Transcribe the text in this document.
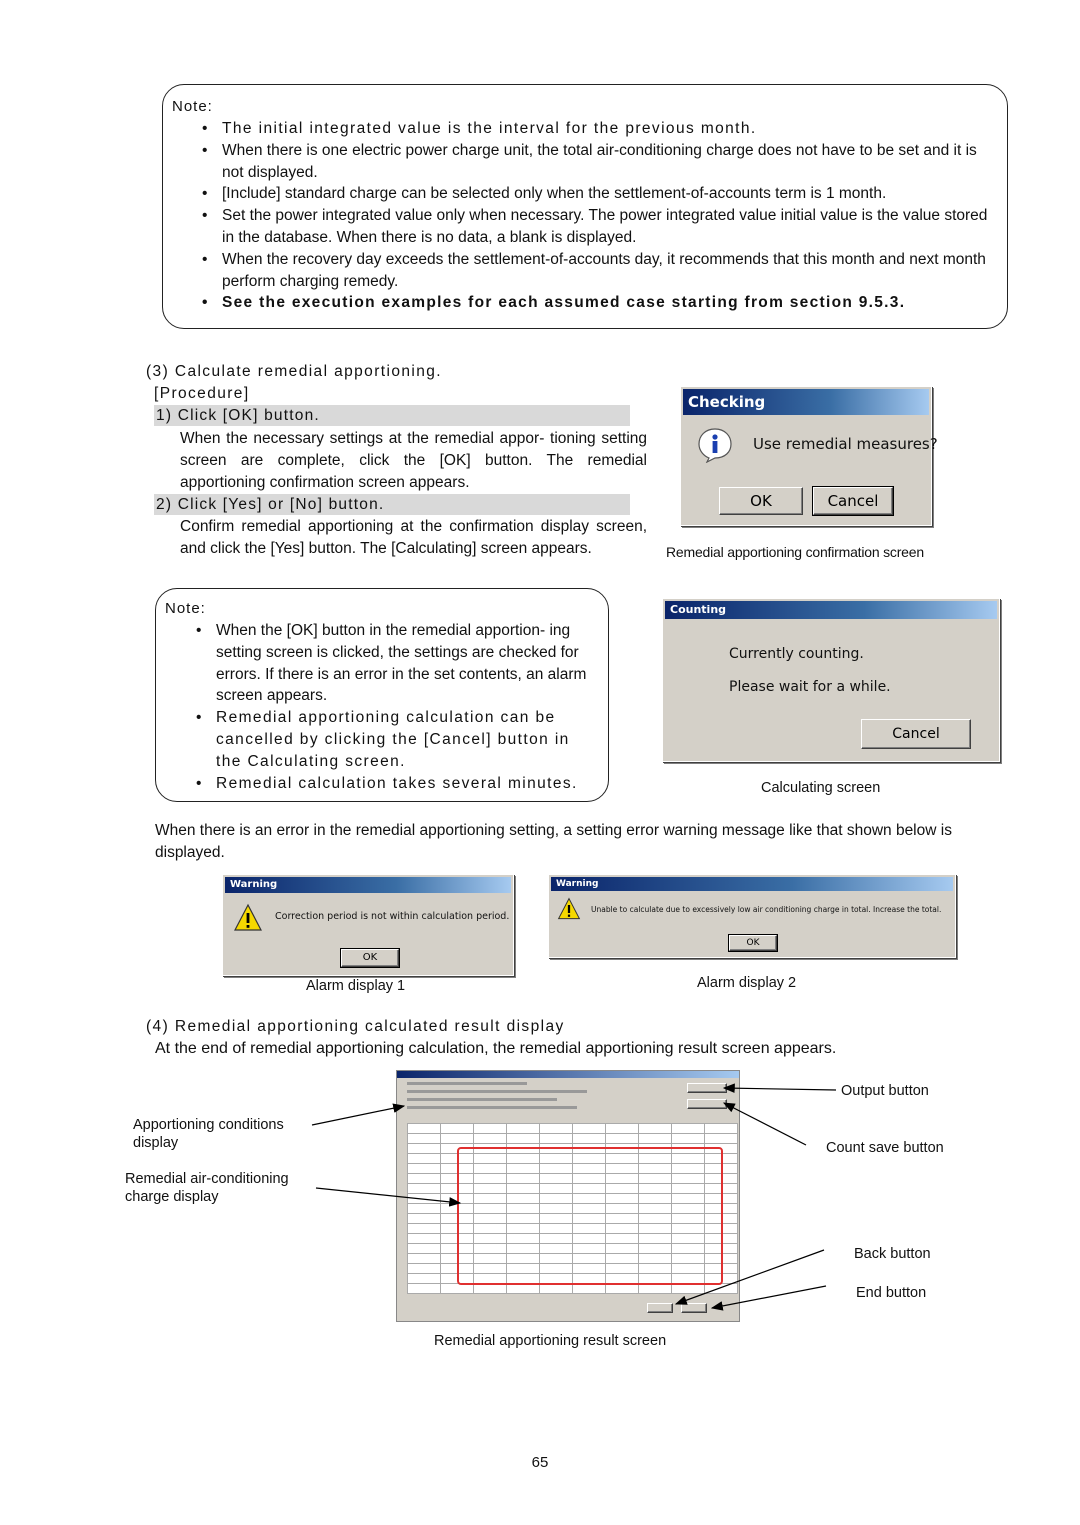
Note:
• The initial integrated value is the interval for the previous month.
• When there is one electric power charge unit, the total air-conditioning charge does not have to be set and it is not displayed.
• [Include] standard charge can be selected only when the settlement-of-accounts term is 1 month.
• Set the power integrated value only when necessary. The power integrated value initial value is the value stored in the database. When there is no data, a blank is displayed.
• When the recovery day exceeds the settlement-of-accounts day, it recommends that this month and next month perform charging remedy.
• See the execution examples for each assumed case starting from section 9.5.3.
(3) Calculate remedial apportioning.
[Procedure]
1) Click [OK] button.
When the necessary settings at the remedial appor- tioning setting screen are complete, click the [OK] button. The remedial apportioning confirmation screen appears.
2) Click [Yes] or [No] button.
Confirm remedial apportioning at the confirmation display screen, and click the [Yes] button. The [Calculating] screen appears.
Checking
Use remedial measures?
OK	Cancel
Remedial apportioning confirmation screen
Note:
• When the [OK] button in the remedial apportion- ing setting screen is clicked, the settings are checked for errors. If there is an error in the set contents, an alarm screen appears.
• Remedial apportioning calculation can be cancelled by clicking the [Cancel] button in the Calculating screen.
• Remedial calculation takes several minutes.
Counting
Currently counting.
Please wait for a while.
Cancel
Calculating screen
When there is an error in the remedial apportioning setting, a setting error warning message like that shown below is displayed.
Warning
Correction period is not within calculation period.
OK
Alarm display 1
Warning
Unable to calculate due to excessively low air conditioning charge in total. Increase the total.
OK
Alarm display 2
(4) Remedial apportioning calculated result display
At the end of remedial apportioning calculation, the remedial apportioning result screen appears.

Apportioning conditions display
Remedial air-conditioning charge display
Output button
Count save button
Back button
End button
Remedial apportioning result screen
65
